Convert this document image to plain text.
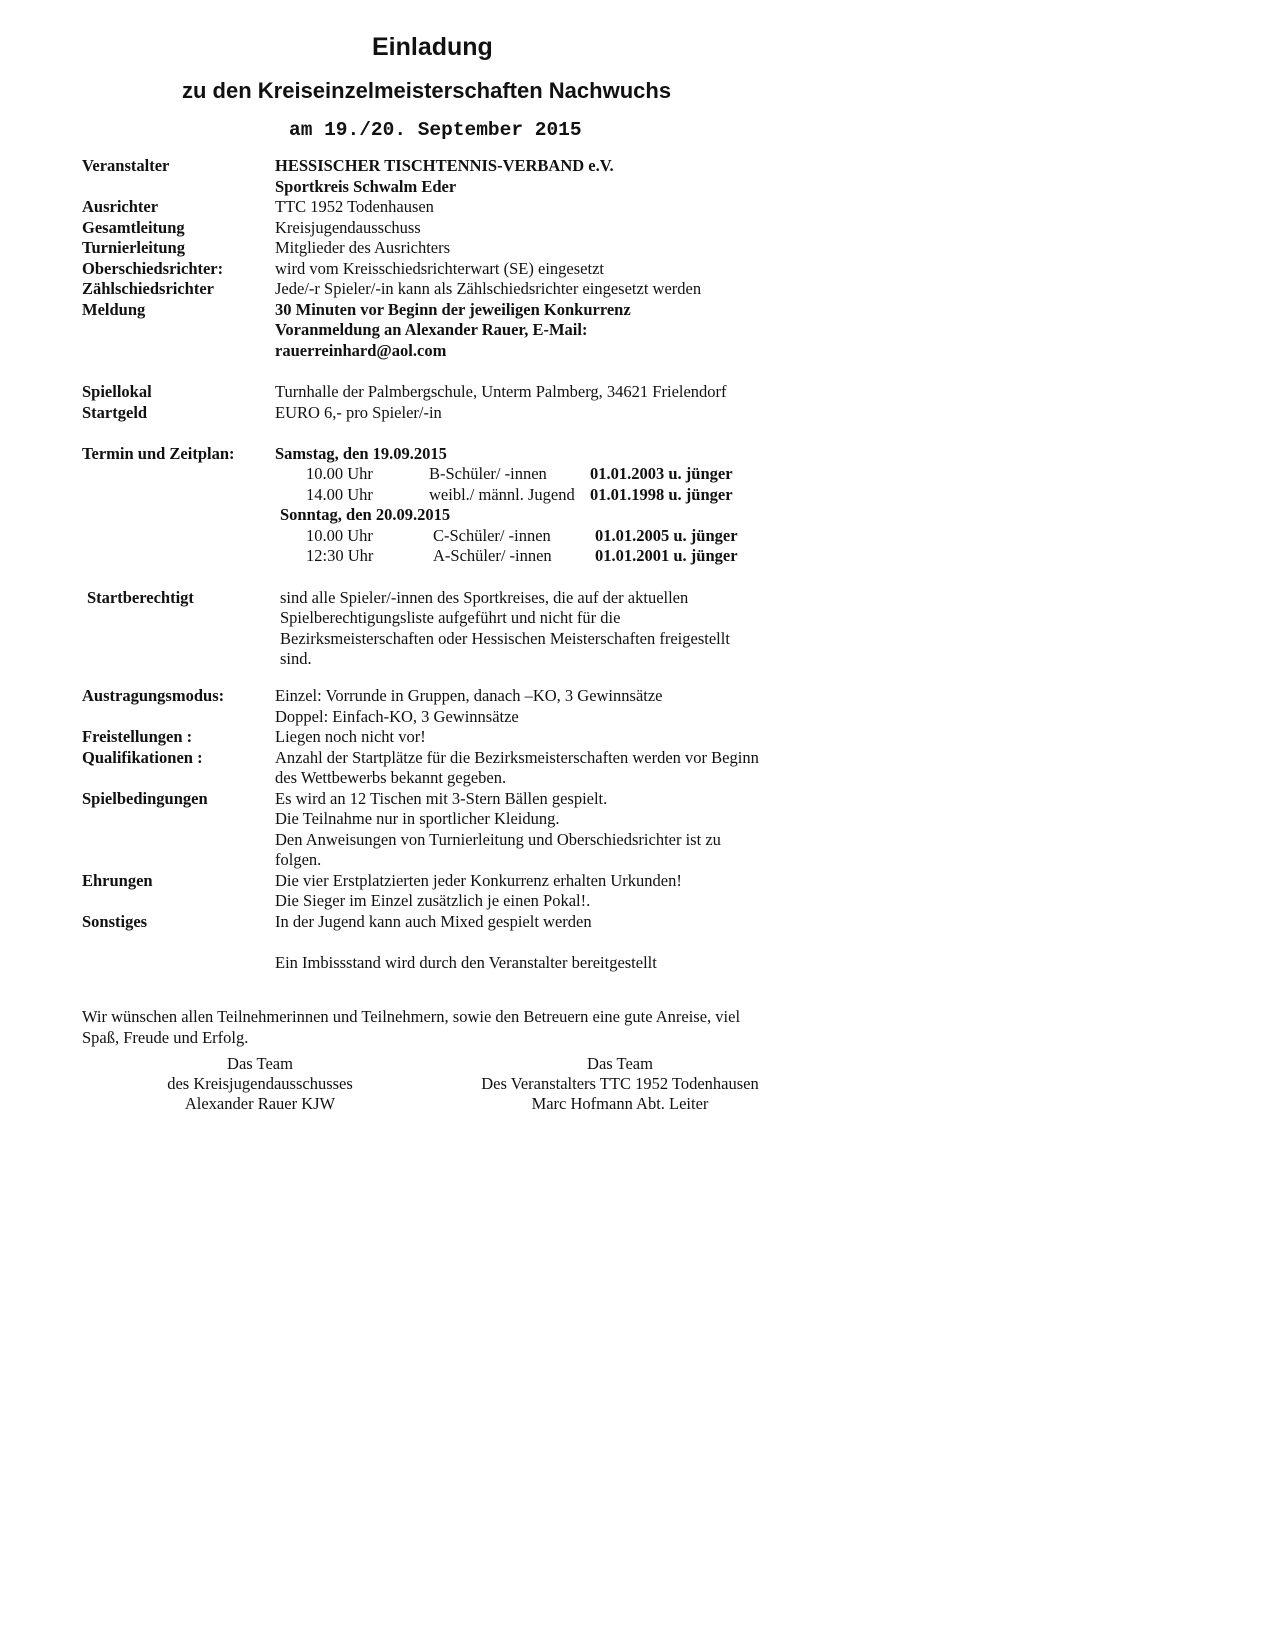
Einladung
zu den Kreiseinzelmeisterschaften Nachwuchs
am 19./20. September 2015
Veranstalter	HESSISCHER TISCHTENNIS-VERBAND e.V.
Sportkreis Schwalm Eder
Ausrichter	TTC 1952 Todenhausen
Gesamtleitung	Kreisjugendausschuss
Turnierleitung	Mitglieder des Ausrichters
Oberschiedsrichter:	wird vom Kreisschiedsrichterwart (SE) eingesetzt
Zählschiedsrichter	Jede/-r Spieler/-in kann als Zählschiedsrichter eingesetzt werden
Meldung	30 Minuten vor Beginn der jeweiligen Konkurrenz
Voranmeldung an Alexander Rauer, E-Mail:
rauerreinhard@aol.com
Spiellokal	Turnhalle der Palmbergschule, Unterm Palmberg, 34621 Frielendorf
Startgeld	EURO 6,- pro Spieler/-in
Termin und Zeitplan: Samstag, den 19.09.2015
10.00 Uhr	B-Schüler/ -innen	01.01.2003 u. jünger
14.00 Uhr	weibl./ männl. Jugend 01.01.1998 u. jünger
Sonntag, den 20.09.2015
10.00 Uhr	C-Schüler/ -innen	01.01.2005 u. jünger
12:30 Uhr	A-Schüler/ -innen	01.01.2001 u. jünger
Startberechtigt	sind alle Spieler/-innen des Sportkreises, die auf der aktuellen
Spielberechtigungsliste aufgeführt und nicht für die
Bezirksmeisterschaften oder Hessischen Meisterschaften freigestellt
sind.
Austragungsmodus:	Einzel: Vorrunde in Gruppen, danach –KO, 3 Gewinnsätze
Doppel: Einfach-KO, 3 Gewinnsätze
Freistellungen :	Liegen noch nicht vor!
Qualifikationen :	Anzahl der Startplätze für die Bezirksmeisterschaften werden vor Beginn
des Wettbewerbs bekannt gegeben.
Spielbedingungen	Es wird an 12 Tischen mit 3-Stern Bällen gespielt.
Die Teilnahme nur in sportlicher Kleidung.
Den Anweisungen von Turnierleitung und Oberschiedsrichter ist zu
folgen.
Ehrungen	Die vier Erstplatzierten jeder Konkurrenz erhalten Urkunden!
Die Sieger im Einzel zusätzlich je einen Pokal!.
Sonstiges	In der Jugend kann auch Mixed gespielt werden
Ein Imbissstand wird durch den Veranstalter bereitgestellt
Wir wünschen allen Teilnehmerinnen und Teilnehmern, sowie den Betreuern eine gute Anreise, viel
Spaß, Freude und Erfolg.
Das Team
des Kreisjugendausschusses
Alexander Rauer KJW
Das Team
Des Veranstalters TTC 1952 Todenhausen
Marc Hofmann Abt. Leiter
